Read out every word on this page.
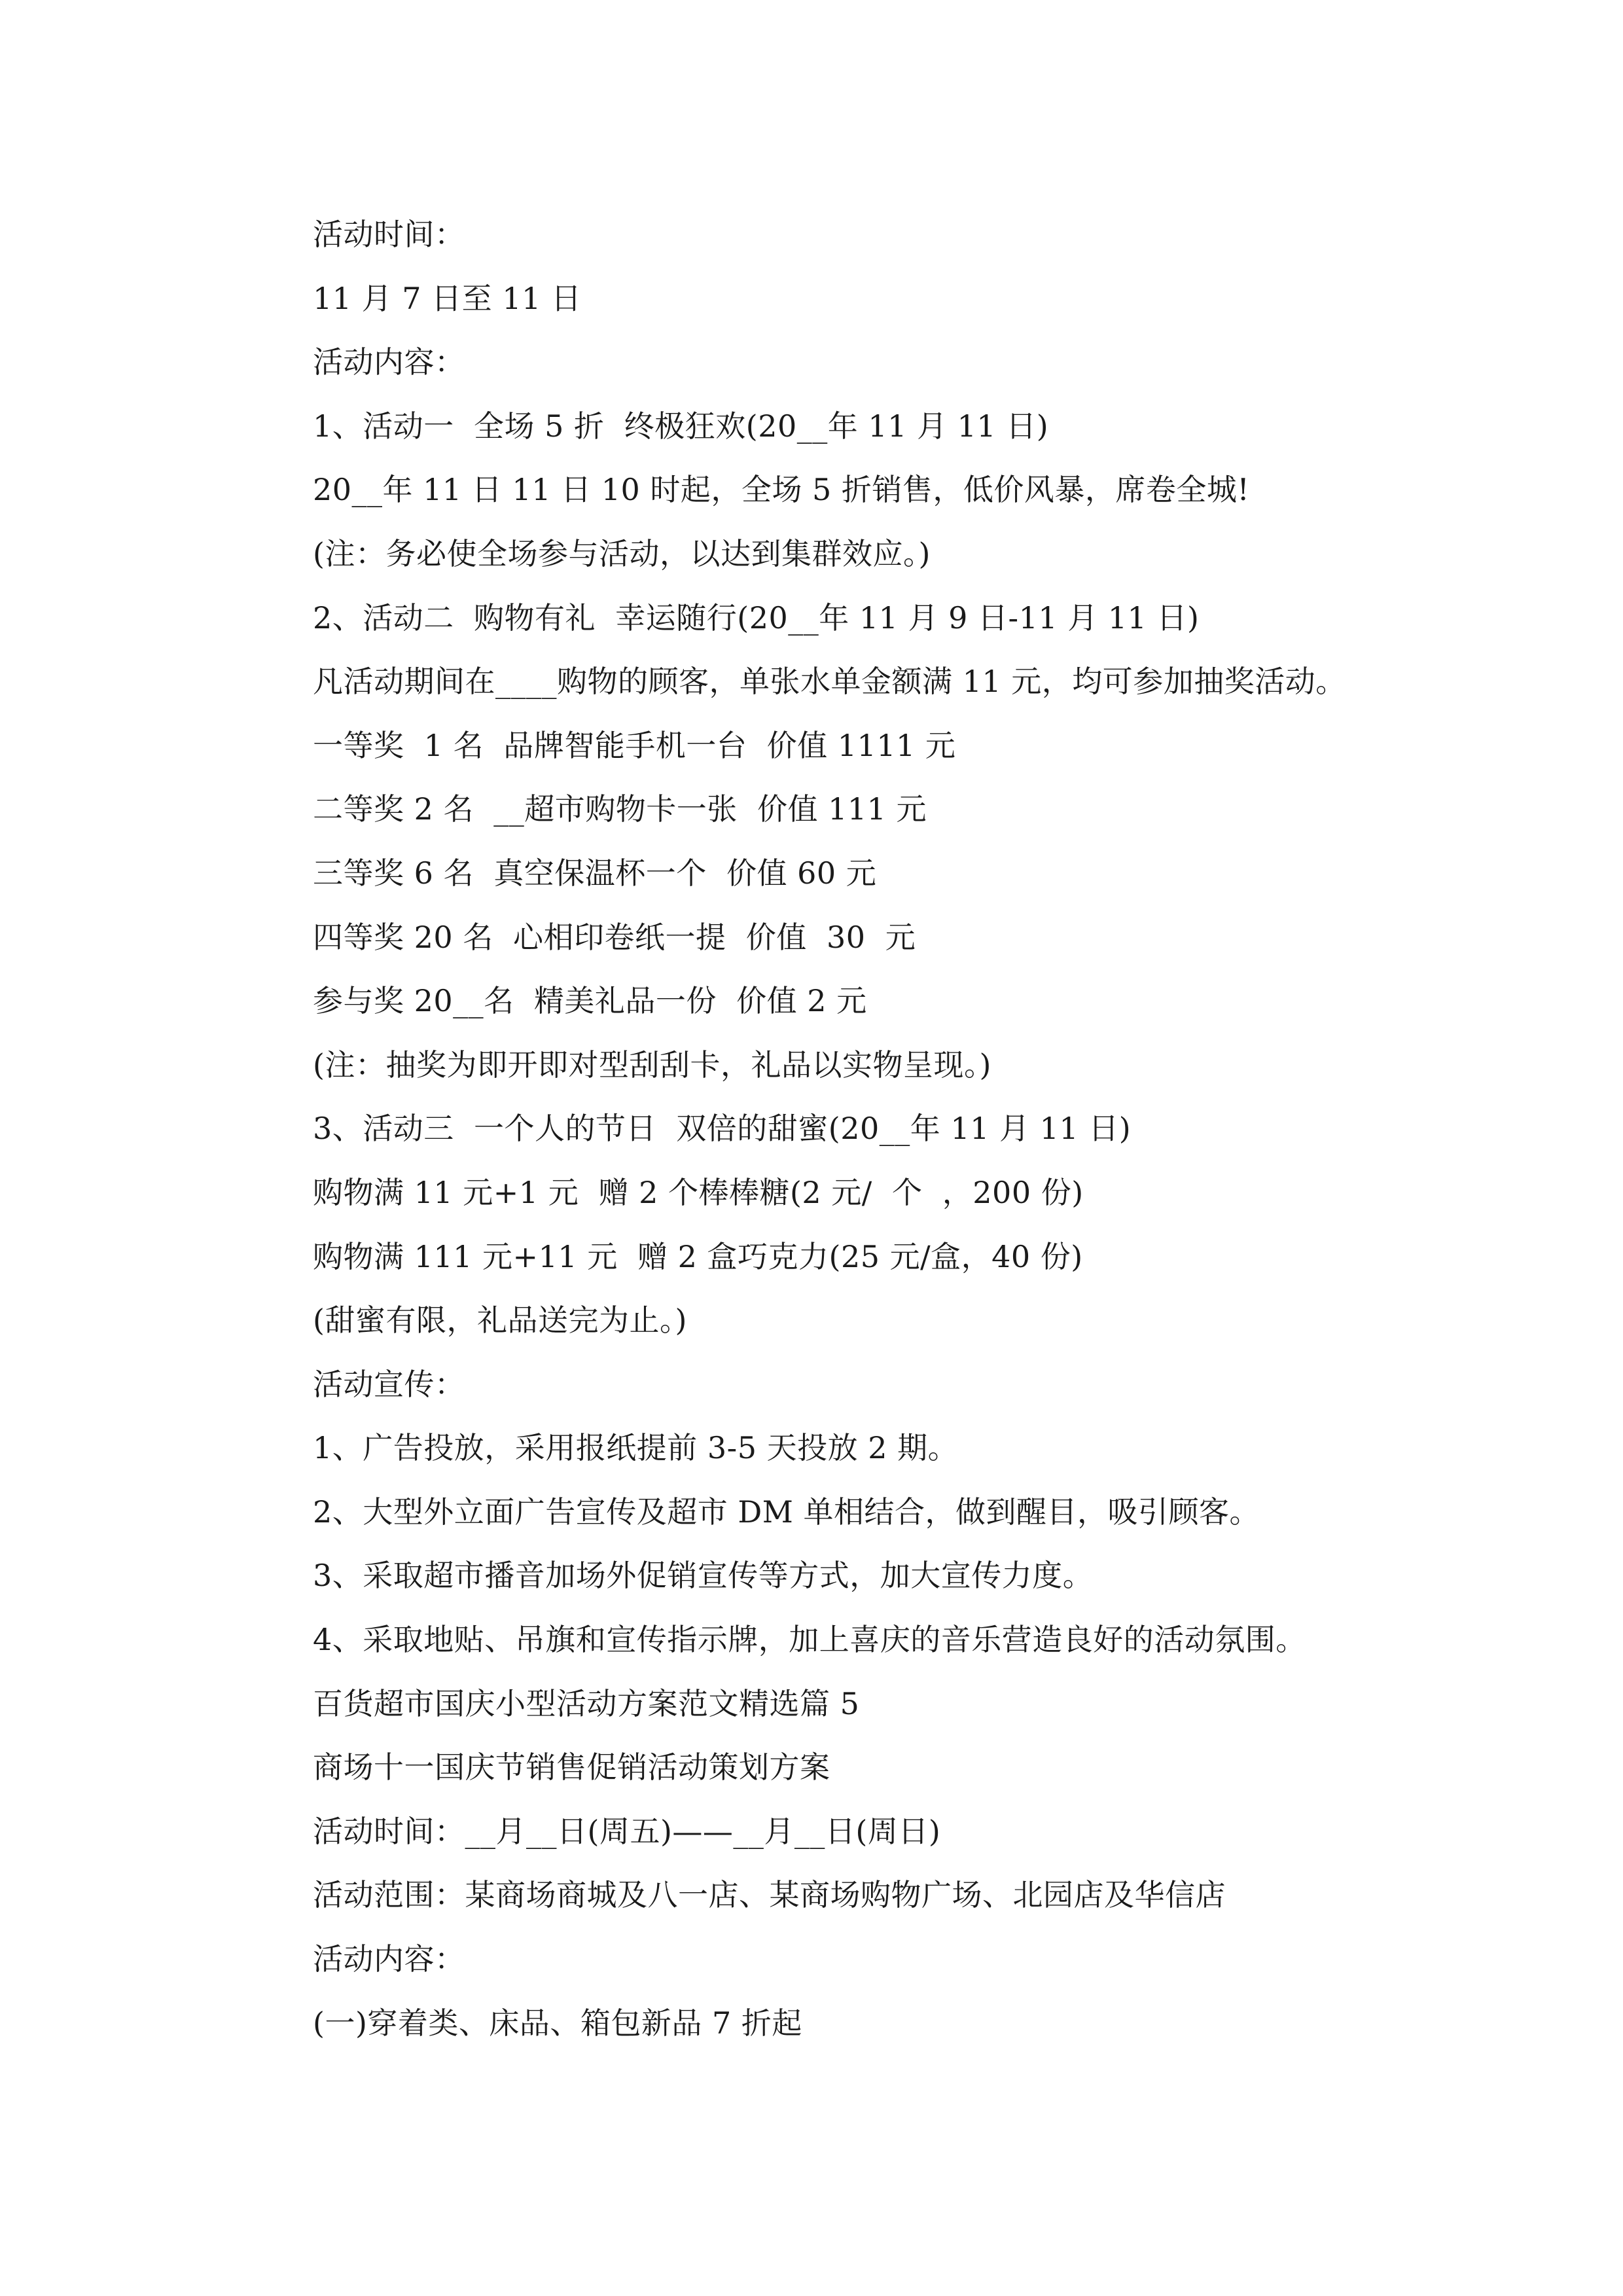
活动时间：
11 月 7 日至 11 日
活动内容：
1、活动一  全场 5 折  终极狂欢(20__年 11 月 11 日)
20__年 11 日 11 日 10 时起，全场 5 折销售，低价风暴，席卷全城!
(注：务必使全场参与活动，以达到集群效应。)
2、活动二  购物有礼  幸运随行(20__年 11 月 9 日-11 月 11 日)
凡活动期间在____购物的顾客，单张水单金额满 11 元，均可参加抽奖活动。
一等奖  1 名  品牌智能手机一台  价值 1111 元
二等奖 2 名  __超市购物卡一张  价值 111 元
三等奖 6 名  真空保温杯一个  价值 60 元
四等奖 20 名  心相印卷纸一提  价值  30  元
参与奖 20__名  精美礼品一份  价值 2 元
(注：抽奖为即开即对型刮刮卡，礼品以实物呈现。)
3、活动三  一个人的节日  双倍的甜蜜(20__年 11 月 11 日)
购物满 11 元+1 元  赠 2 个棒棒糖(2 元/  个  ，200 份)
购物满 111 元+11 元  赠 2 盒巧克力(25 元/盒，40 份)
(甜蜜有限，礼品送完为止。)
活动宣传：
1、广告投放，采用报纸提前 3-5 天投放 2 期。
2、大型外立面广告宣传及超市 DM 单相结合，做到醒目，吸引顾客。
3、采取超市播音加场外促销宣传等方式，加大宣传力度。
4、采取地贴、吊旗和宣传指示牌，加上喜庆的音乐营造良好的活动氛围。
百货超市国庆小型活动方案范文精选篇 5
商场十一国庆节销售促销活动策划方案
活动时间：__月__日(周五)——__月__日(周日)
活动范围：某商场商城及八一店、某商场购物广场、北园店及华信店
活动内容：
(一)穿着类、床品、箱包新品 7 折起
